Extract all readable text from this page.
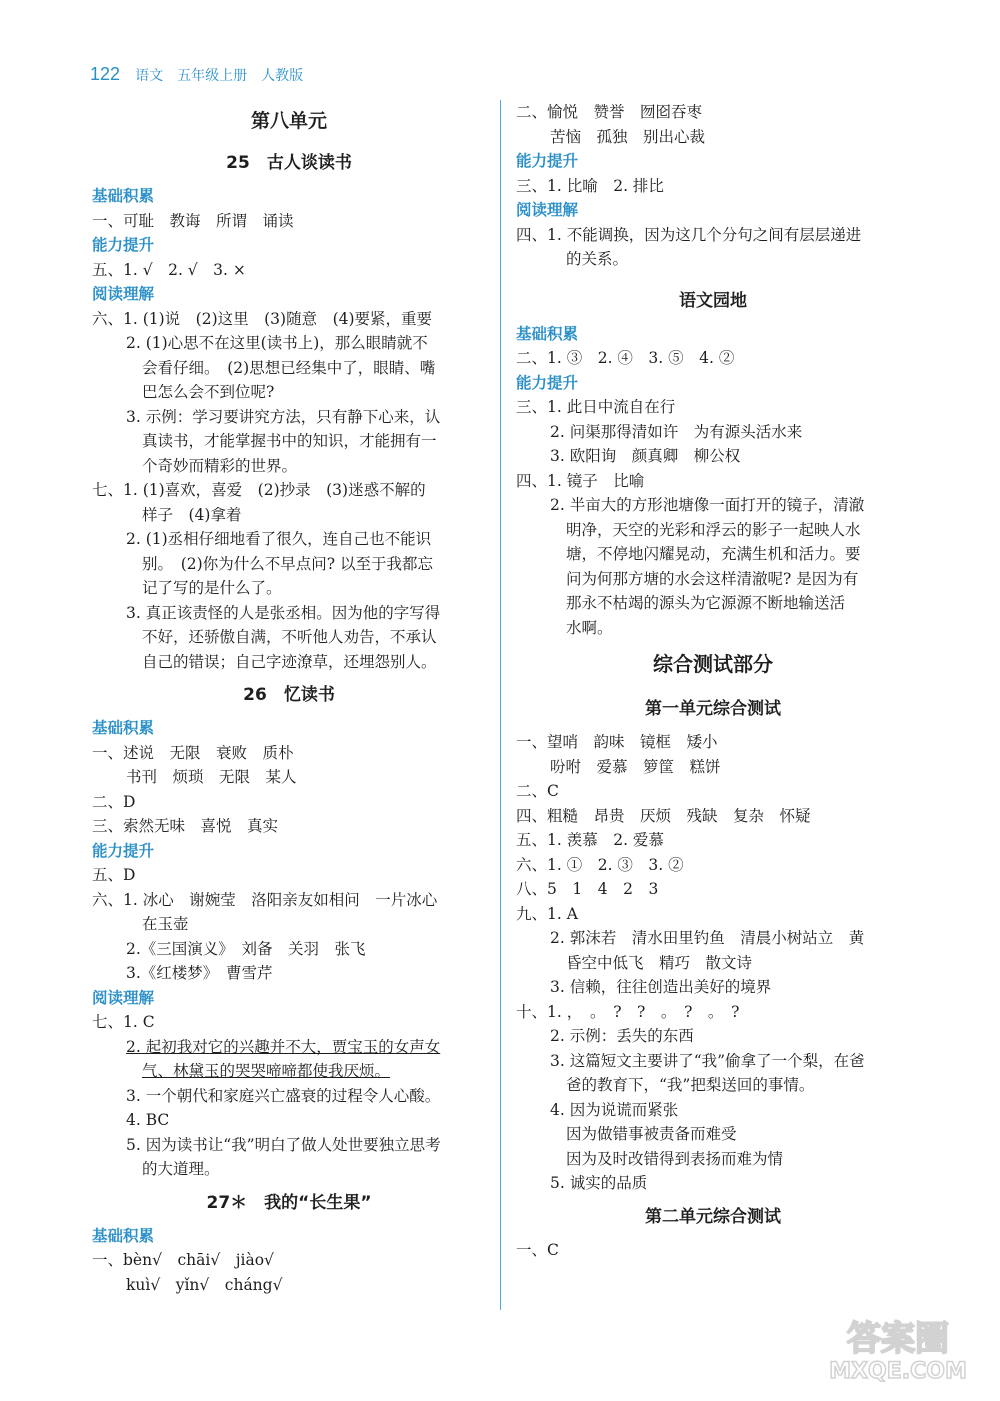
122 语文　五年级上册　人教版
第八单元
25　古人谈读书
基础积累
一、可耻　教诲　所谓　诵读
能力提升
五、1. √　2. √　3. ×
阅读理解
六、1. (1)说　(2)这里　(3)随意　(4)要紧，重要
2. (1)心思不在这里(读书上)，那么眼睛就不
会看仔细。　(2)思想已经集中了，眼睛、嘴
巴怎么会不到位呢?
3. 示例：学习要讲究方法，只有静下心来，认
真读书，才能掌握书中的知识，才能拥有一
个奇妙而精彩的世界。
七、1. (1)喜欢，喜爱　(2)抄录　(3)迷惑不解的
样子　(4)拿着
2. (1)丞相仔细地看了很久，连自己也不能识
别。　(2)你为什么不早点问? 以至于我都忘
记了写的是什么了。
3. 真正该责怪的人是张丞相。因为他的字写得
不好，还骄傲自满，不听他人劝告，不承认
自己的错误；自己字迹潦草，还埋怨别人。
26　忆读书
基础积累
一、述说　无限　衰败　质朴
书刊　烦琐　无限　某人
二、D
三、索然无味　喜悦　真实
能力提升
五、D
六、1. 冰心　谢婉莹　洛阳亲友如相问　一片冰心
在玉壶
2.《三国演义》　刘备　关羽　张飞
3.《红楼梦》　曹雪芹
阅读理解
七、1. C
2. 起初我对它的兴趣并不大，贾宝玉的女声女
气、林黛玉的哭哭啼啼都使我厌烦。
3. 一个朝代和家庭兴亡盛衰的过程令人心酸。
4. BC
5. 因为读书让“我”明白了做人处世要独立思考
的大道理。
27＊　我的“长生果”
基础积累
一、bèn√　chāi√　jiào√
kuì√　yǐn√　cháng√
二、愉悦　赞誉　囫囵吞枣
苦恼　孤独　别出心裁
能力提升
三、1. 比喻　2. 排比
阅读理解
四、1. 不能调换，因为这几个分句之间有层层递进
的关系。
语文园地
基础积累
二、1. ③　2. ④　3. ⑤　4. ②
能力提升
三、1. 此日中流自在行
2. 问渠那得清如许　为有源头活水来
3. 欧阳询　颜真卿　柳公权
四、1. 镜子　比喻
2. 半亩大的方形池塘像一面打开的镜子，清澈
明净，天空的光彩和浮云的影子一起映人水
塘，不停地闪耀晃动，充满生机和活力。要
问为何那方塘的水会这样清澈呢? 是因为有
那永不枯竭的源头为它源源不断地输送活
水啊。
综合测试部分
第一单元综合测试
一、望哨　韵味　镜框　矮小
吩咐　爱慕　箩筐　糕饼
二、C
四、粗糙　昂贵　厌烦　残缺　复杂　怀疑
五、1. 羡慕　2. 爱慕
六、1. ①　2. ③　3. ②
八、5　1　4　2　3
九、1. A
2. 郭沫若　清水田里钓鱼　清晨小树站立　黄
昏空中低飞　精巧　散文诗
3. 信赖，往往创造出美好的境界
十、1. ，　。　?　?　。　?　。　?
2. 示例：丢失的东西
3. 这篇短文主要讲了“我”偷拿了一个梨，在爸
爸的教育下，“我”把梨送回的事情。
4. 因为说谎而紧张
因为做错事被责备而难受
因为及时改错得到表扬而难为情
5. 诚实的品质
第二单元综合测试
一、C
答案圈
MXQE.COM
